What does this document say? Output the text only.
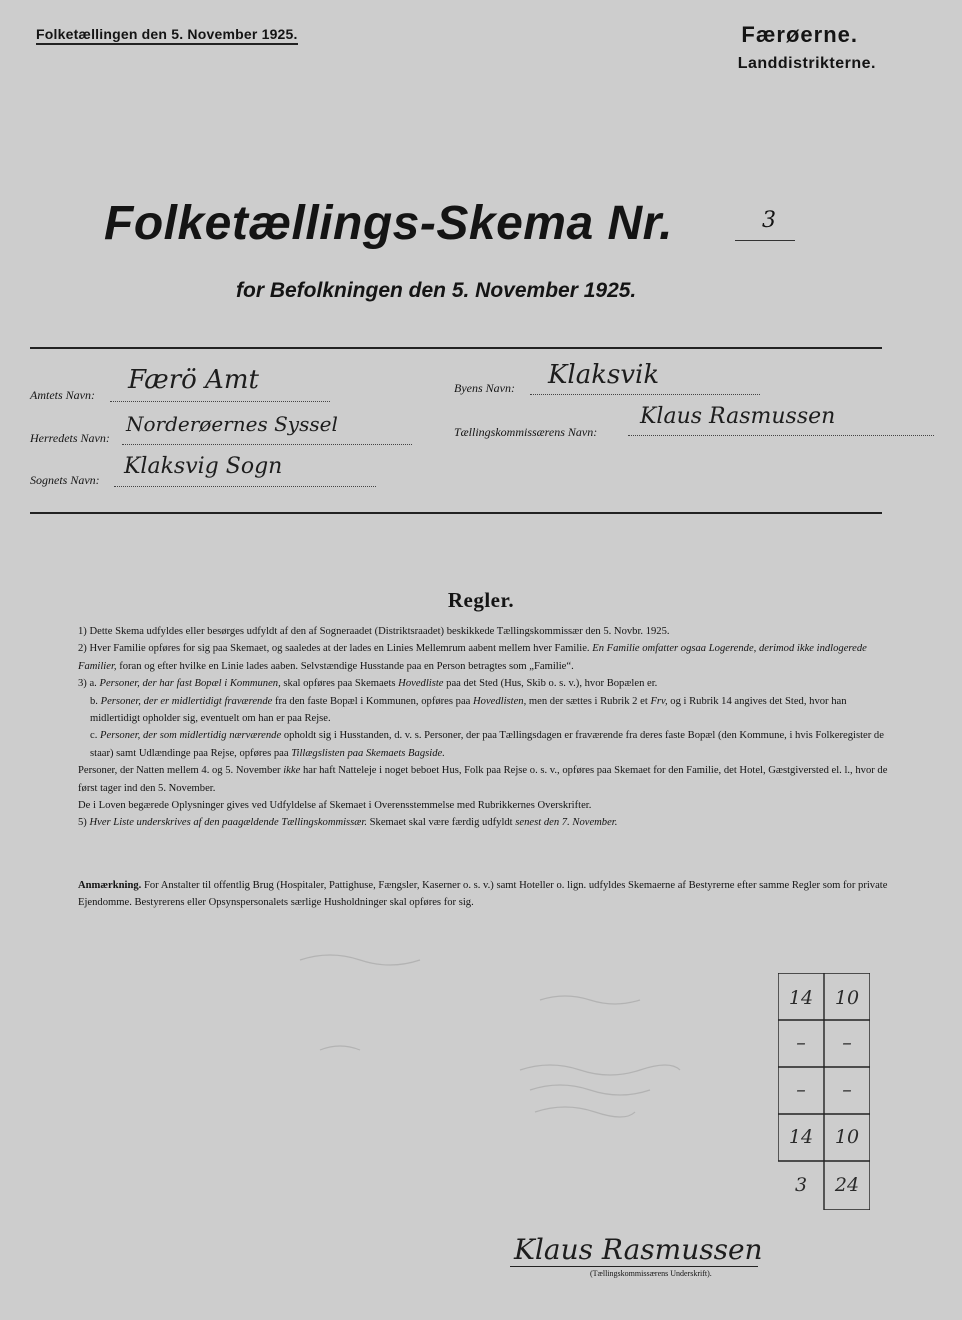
Folketællingen den 5. November 1925.	Færøerne.
Landdistrikterne.
Folketællings-Skema Nr.	3
for Befolkningen den 5. November 1925.
Amtets Navn: Færö Amt
Herredets Navn:
Norderøernes Syssel
Sognets Navn:
Klaksvig Sogn
Byens Navn: Klaksvik
Tællingskommissærens Navn:
Klaus Rasmussen
Regler.

1) Dette Skema udfyldes eller besørges udfyldt af den af Sogneraadet (Distriktsraadet) beskikkede Tællingskommissær den 5. Novbr. 1925.

2) Hver Familie opføres for sig paa Skemaet, og saaledes at der lades en Linies Mellemrum aabent mellem hver Familie. En Familie omfatter ogsaa Logerende, derimod ikke indlogerede Familier, foran og efter hvilke en Linie lades aaben. Selvstændige Husstande paa en Person betragtes som „Familie“.

3) a. Personer, der har fast Bopæl i Kommunen, skal opføres paa Skemaets Hovedliste paa det Sted (Hus, Skib o. s. v.), hvor Bopælen er.

b. Personer, der er midlertidigt fraværende fra den faste Bopæl i Kommunen, opføres paa Hovedlisten, men der sættes i Rubrik 2 et Frv, og i Rubrik 14 angives det Sted, hvor han midlertidigt opholder sig, eventuelt om han er paa Rejse.

c. Personer, der som midlertidig nærværende opholdt sig i Husstanden, d. v. s. Personer, der paa Tællingsdagen er fraværende fra deres faste Bopæl (den Kommune, i hvis Folkeregister de staar) samt Udlændinge paa Rejse, opføres paa Tillægslisten paa Skemaets Bagside.

Personer, der Natten mellem 4. og 5. November ikke har haft Natteleje i noget beboet Hus, Folk paa Rejse o. s. v., opføres paa Skemaet for den Familie, det Hotel, Gæstgiversted el. l., hvor de først tager ind den 5. November.

De i Loven begærede Oplysninger gives ved Udfyldelse af Skemaet i Overensstemmelse med Rubrikkernes Overskrifter.

5) Hver Liste underskrives af den paagældende Tællingskommissær. Skemaet skal være færdig udfyldt senest den 7. November.

Anmærkning. For Anstalter til offentlig Brug (Hospitaler, Pattighuse, Fængsler, Kaserner o. s. v.) samt Hoteller o. lign. udfyldes Skemaerne af Bestyrerne efter samme Regler som for private Ejendomme. Bestyrerens eller Opsynspersonalets særlige Husholdninger skal opføres for sig.

14	10
–	–
–	–
14	10
3	24
Klaus Rasmussen
(Tællingskommissærens Underskrift).
